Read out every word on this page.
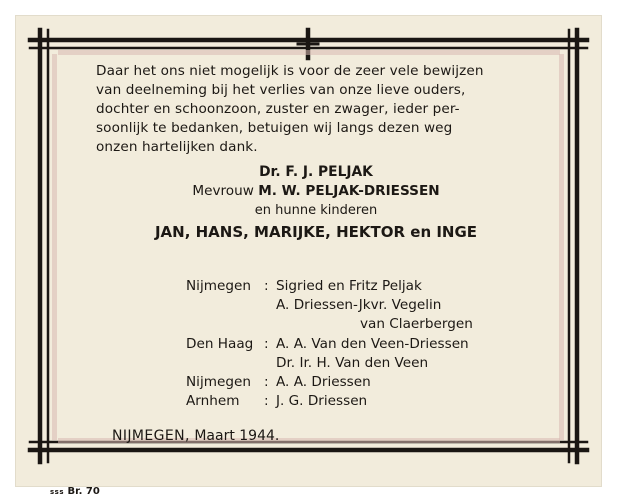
Daar het ons niet mogelijk is voor de zeer vele bewijzen
van deelneming bij het verlies van onze lieve ouders,
dochter en schoonzoon, zuster en zwager, ieder per-
soonlijk te bedanken, betuigen wij langs dezen weg
onzen hartelijken dank.

Dr. F. J. PELJAK
Mevrouw M. W. PELJAK-DRIESSEN
en hunne kinderen
JAN, HANS, MARIJKE, HEKTOR en INGE
Nijmegen : Sigried en Fritz Peljak
A. Driessen-Jkvr. Vegelin
van Claerbergen
Den Haag : A. A. Van den Veen-Driessen
Dr. Ir. H. Van den Veen
Nijmegen : A. A. Driessen
Arnhem	: J. G. Driessen
NIJMEGEN, Maart 1944.
sss Br. 70
